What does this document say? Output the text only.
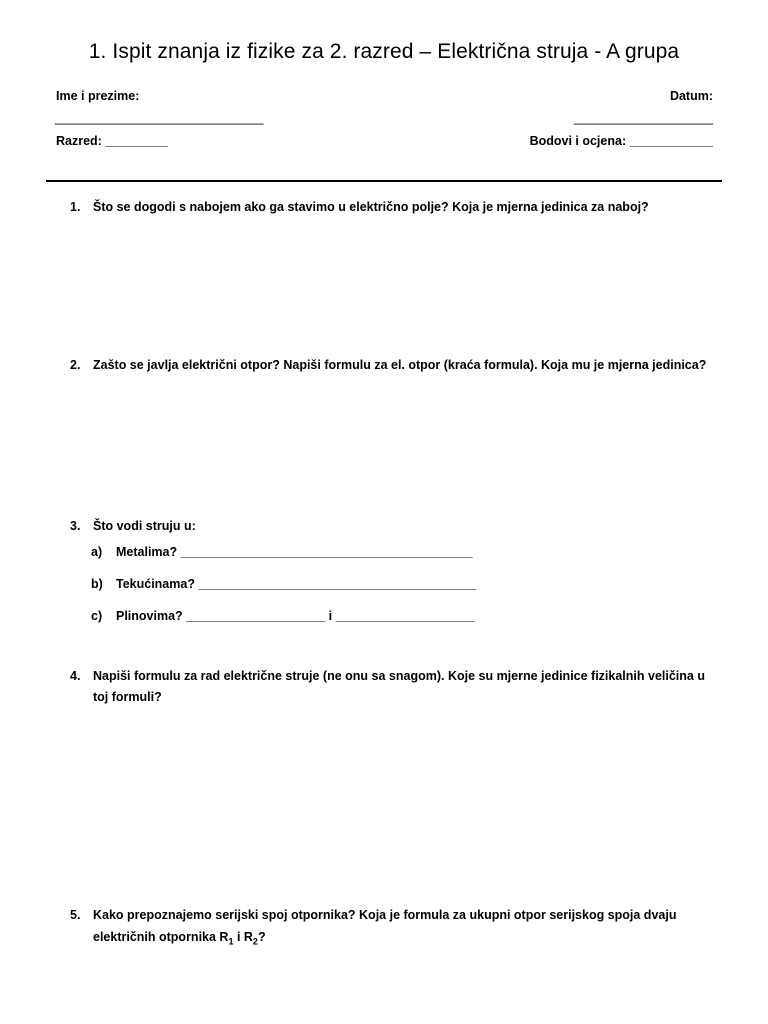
1. Ispit znanja iz fizike za 2. razred – Električna struja - A grupa
Ime i prezime:
______________________________
Datum:
____________________
Razred: _________	Bodovi i ocjena: ____________
1. Što se dogodi s nabojem ako ga stavimo u električno polje? Koja je mjerna jedinica za naboj?
2. Zašto se javlja električni otpor? Napiši formulu za el. otpor (kraća formula). Koja mu je mjerna jedinica?
3. Što vodi struju u:
a) Metalima? __________________________________________
b) Tekućinama? ________________________________________
c) Plinovima? ____________________ i ____________________
4. Napiši formulu za rad električne struje (ne onu sa snagom). Koje su mjerne jedinice fizikalnih veličina u toj formuli?
5. Kako prepoznajemo serijski spoj otpornika? Koja je formula za ukupni otpor serijskog spoja dvaju električnih otpornika $R_1$ i $R_2$?
